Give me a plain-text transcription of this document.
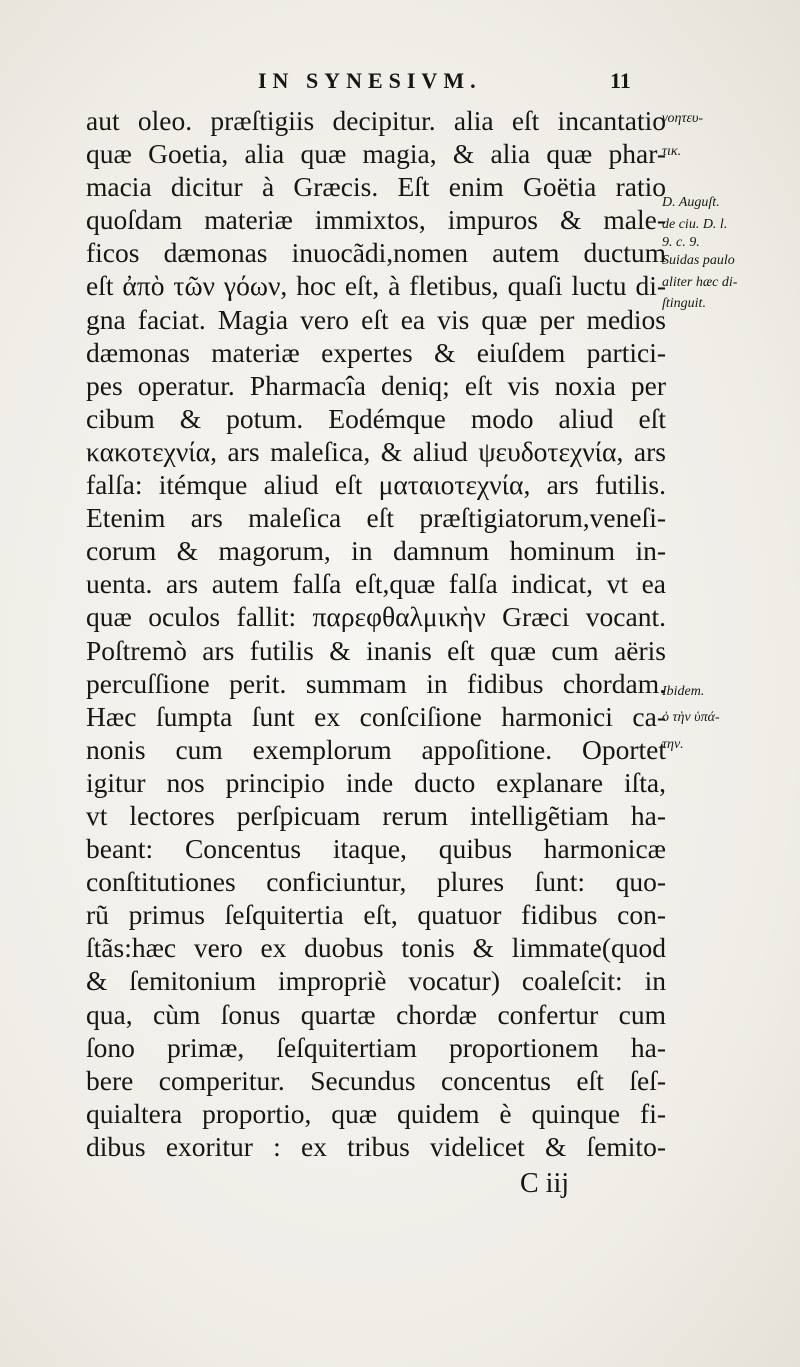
IN SYNESIVM.	11
aut oleo. præſtigiis decipitur. alia eſt incantatio
quæ Goetia, alia quæ magia, & alia quæ phar-
macia dicitur à Græcis. Eſt enim Goëtia ratio
quoſdam materiæ immixtos, impuros & male-
ficos dæmonas inuocãdi,nomen autem ductum
eſt ἀπὸ τῶν γόων, hoc eſt, à fletibus, quaſi luctu di-
gna faciat. Magia vero eſt ea vis quæ per medios
dæmonas materiæ expertes & eiuſdem partici-
pes operatur. Pharmacîa deniq; eſt vis noxia per
cibum & potum. Eodémque modo aliud eſt
κακοτεχνία, ars maleſica, & aliud ψευδοτεχνία, ars
falſa: itémque aliud eſt ματαιοτεχνία, ars futilis.
Etenim ars maleſica eſt præſtigiatorum,veneſi-
corum & magorum, in damnum hominum in-
uenta. ars autem falſa eſt,quæ falſa indicat, vt ea
quæ oculos fallit: παρεφθαλμικὴν Græci vocant.
Poſtremò ars futilis & inanis eſt quæ cum aëris
percuſſione perit. summam in fidibus chordam.
Hæc ſumpta ſunt ex conſciſione harmonici ca-
nonis cum exemplorum appoſitione. Oportet
igitur nos principio inde ducto explanare iſta,
vt lectores perſpicuam rerum intelligẽtiam ha-
beant: Concentus itaque, quibus harmonicæ
conſtitutiones conficiuntur, plures ſunt: quo-
rũ primus ſeſquitertia eſt, quatuor fidibus con-
ſtãs:hæc vero ex duobus tonis & limmate(quod
& ſemitonium impropriè vocatur) coaleſcit: in
qua, cùm ſonus quartæ chordæ confertur cum
ſono primæ, ſeſquitertiam proportionem ha-
bere comperitur. Secundus concentus eſt ſeſ-
quialtera proportio, quæ quidem è quinque fi-
dibus exoritur : ex tribus videlicet & ſemito-
γοητευ-
τικ.
D. Auguſt.
de ciu. D. l.
9. c. 9.
Suidas paulo
aliter hæc di-
ſtinguit.
Ibidem.
ὁ τὴν ὑπά-
την.
C iij
